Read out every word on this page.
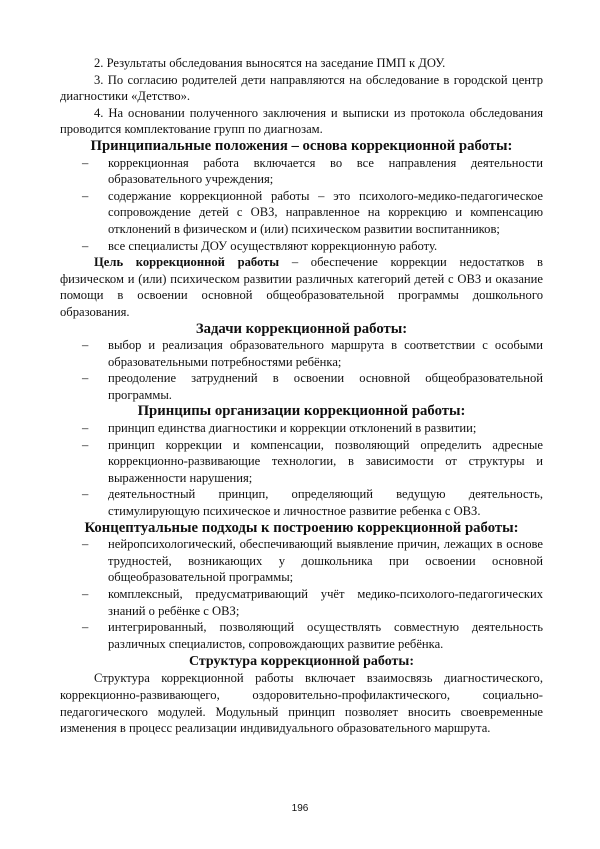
2. Результаты обследования выносятся на заседание ПМП к ДОУ.

3. По согласию родителей дети направляются на обследование в городской центр диагностики «Детство».

4. На основании полученного заключения и выписки из протокола обследования проводится комплектование групп по диагнозам.

Принципиальные положения – основа коррекционной работы:
– коррекционная работа включается во все направления деятельности образовательного учреждения;
– содержание коррекционной работы – это психолого-медико-педагогическое сопровождение детей с ОВЗ, направленное на коррекцию и компенсацию отклонений в физическом и (или) психическом развитии воспитанников;
– все специалисты ДОУ осуществляют коррекционную работу.

Цель коррекционной работы – обеспечение коррекции недостатков в физическом и (или) психическом развитии различных категорий детей с ОВЗ и оказание помощи в освоении основной общеобразовательной программы дошкольного образования.

Задачи коррекционной работы:
– выбор и реализация образовательного маршрута в соответствии с особыми образовательными потребностями ребёнка;
– преодоление затруднений в освоении основной общеобразовательной программы.
Принципы организации коррекционной работы:
– принцип единства диагностики и коррекции отклонений в развитии;
– принцип коррекции и компенсации, позволяющий определить адресные коррекционно-развивающие технологии, в зависимости от структуры и выраженности нарушения;
– деятельностный принцип, определяющий ведущую деятельность, стимулирующую психическое и личностное развитие ребенка с ОВЗ.
Концептуальные подходы к построению коррекционной работы:
– нейропсихологический, обеспечивающий выявление причин, лежащих в основе трудностей, возникающих у дошкольника при освоении основной общеобразовательной программы;
– комплексный, предусматривающий учёт медико-психолого-педагогических знаний о ребёнке с ОВЗ;
– интегрированный, позволяющий осуществлять совместную деятельность различных специалистов, сопровождающих развитие ребёнка.
Структура коррекционной работы:

Структура коррекционной работы включает взаимосвязь диагностического, коррекционно-развивающего, оздоровительно-профилактического, социально-педагогического модулей. Модульный принцип позволяет вносить своевременные изменения в процесс реализации индивидуального образовательного маршрута.

196
